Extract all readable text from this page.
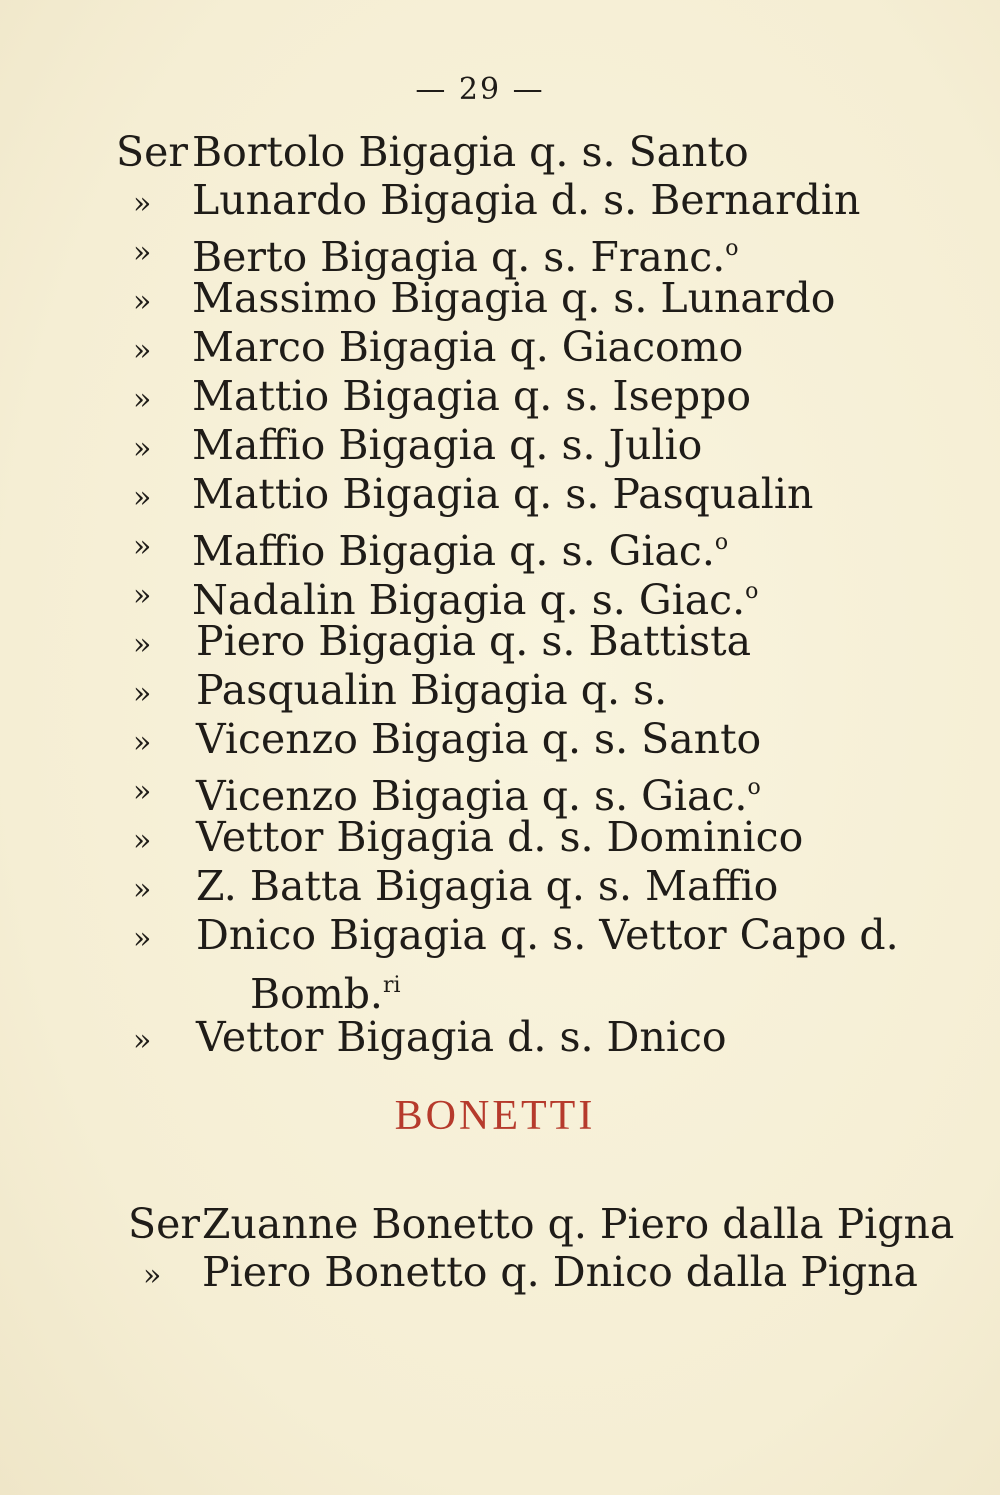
— 29 —
Ser Bortolo Bigagia q. s. Santo
» Lunardo Bigagia d. s. Bernardin
» Berto Bigagia q. s. Franc.$^o$
» Massimo Bigagia q. s. Lunardo
» Marco Bigagia q. Giacomo
» Mattio Bigagia q. s. Iseppo
» Maffio Bigagia q. s. Julio
» Mattio Bigagia q. s. Pasqualin
» Maffio Bigagia q. s. Giac.$^o$
» Nadalin Bigagia q. s. Giac.$^o$
» Piero Bigagia q. s. Battista
» Pasqualin Bigagia q. s.
» Vicenzo Bigagia q. s. Santo
» Vicenzo Bigagia q. s. Giac.$^o$
» Vettor Bigagia d. s. Dominico
» Z. Batta Bigagia q. s. Maffio
» Dnico Bigagia q. s. Vettor Capo d.
Bomb.$^{ri}$
» Vettor Bigagia d. s. Dnico
BONETTI
Ser Zuanne Bonetto q. Piero dalla Pigna
» Piero Bonetto q. Dnico dalla Pigna
